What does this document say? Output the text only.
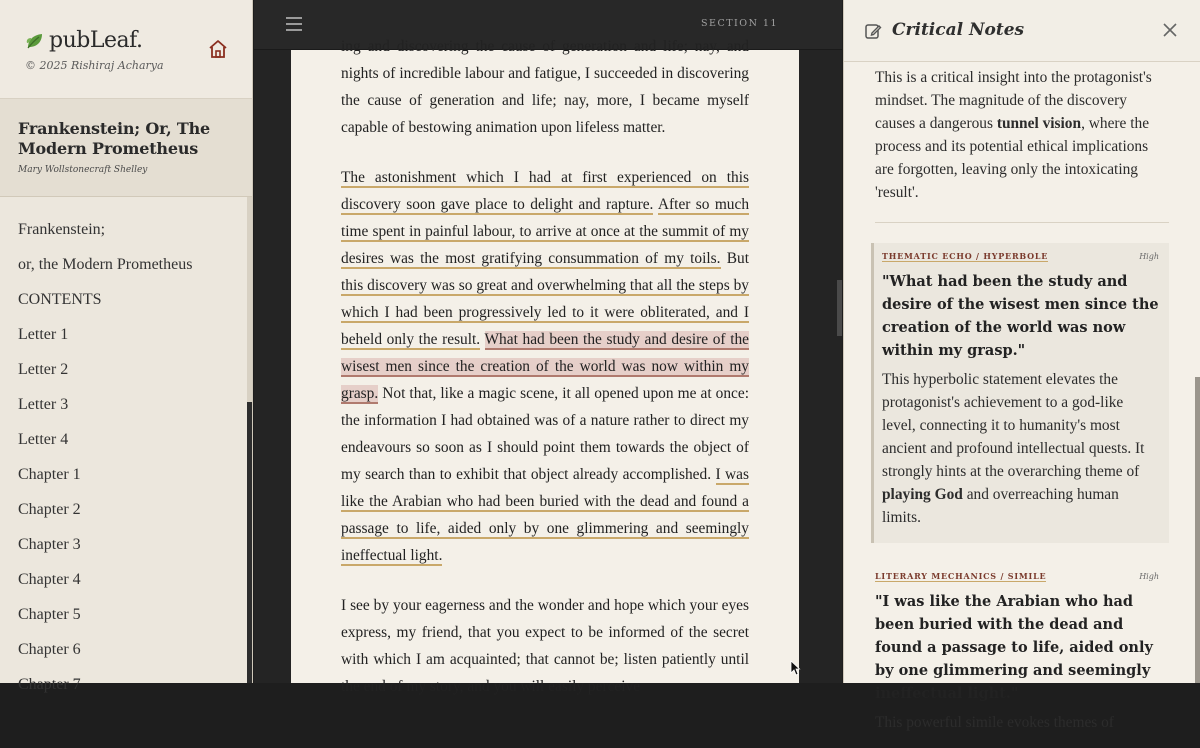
pubLeaf.
© 2025 Rishiraj Acharya
Frankenstein; Or, The Modern Prometheus
Mary Wollstonecraft Shelley
Frankenstein;
or, the Modern Prometheus
CONTENTS
Letter 1
Letter 2
Letter 3
Letter 4
Chapter 1
Chapter 2
Chapter 3
Chapter 4
Chapter 5
Chapter 6
Chapter 7
SECTION 11

ing and discovering the cause of generation and life; nay, and nights of incredible labour and fatigue, I succeeded in discovering the cause of generation and life; nay, more, I became myself capable of bestowing animation upon lifeless matter.

The astonishment which I had at first experienced on this discovery soon gave place to delight and rapture. After so much time spent in painful labour, to arrive at once at the summit of my desires was the most gratifying consummation of my toils. But this discovery was so great and overwhelming that all the steps by which I had been progressively led to it were obliterated, and I beheld only the result. What had been the study and desire of the wisest men since the creation of the world was now within my grasp. Not that, like a magic scene, it all opened upon me at once: the information I had obtained was of a nature rather to direct my endeavours so soon as I should point them towards the object of my search than to exhibit that object already accomplished. I was like the Arabian who had been buried with the dead and found a passage to life, aided only by one glimmering and seemingly ineffectual light.

I see by your eagerness and the wonder and hope which your eyes express, my friend, that you expect to be informed of the secret with which I am acquainted; that cannot be; listen patiently until the end of my story, and you will easily perceive

Critical Notes
This is a critical insight into the protagonist's mindset. The magnitude of the discovery causes a dangerous tunnel vision, where the process and its potential ethical implications are forgotten, leaving only the intoxicating 'result'.
THEMATIC ECHO / HYPERBOLE	High
"What had been the study and desire of the wisest men since the creation of the world was now within my grasp."
This hyperbolic statement elevates the protagonist's achievement to a god-like level, connecting it to humanity's most ancient and profound intellectual quests. It strongly hints at the overarching theme of playing God and overreaching human limits.
LITERARY MECHANICS / SIMILE	High
"I was like the Arabian who had been buried with the dead and found a passage to life, aided only by one glimmering and seemingly ineffectual light."
This powerful simile evokes themes of
